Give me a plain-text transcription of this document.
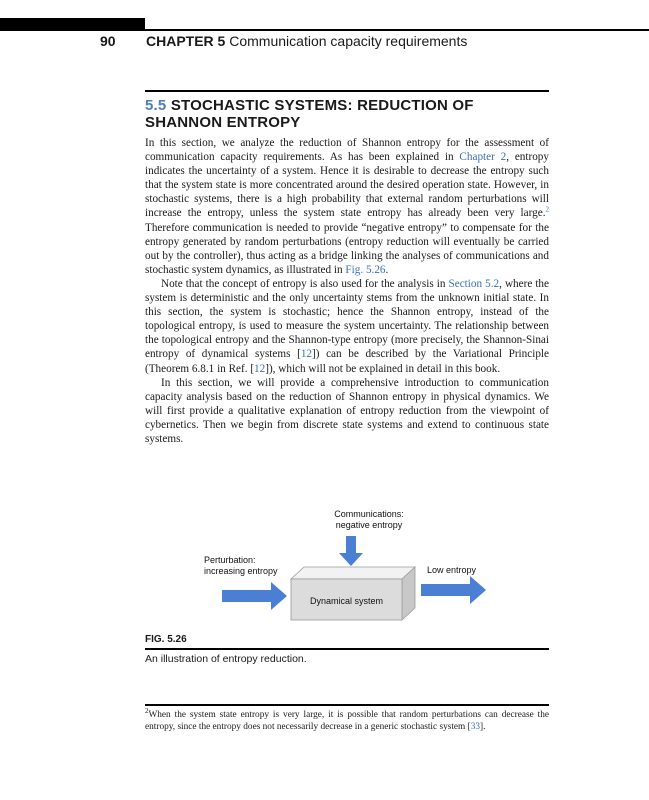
90 CHAPTER 5 Communication capacity requirements
5.5 STOCHASTIC SYSTEMS: REDUCTION OF SHANNON ENTROPY

In this section, we analyze the reduction of Shannon entropy for the assessment of communication capacity requirements. As has been explained in Chapter 2, entropy indicates the uncertainty of a system. Hence it is desirable to decrease the entropy such that the system state is more concentrated around the desired operation state. However, in stochastic systems, there is a high probability that external random perturbations will increase the entropy, unless the system state entropy has already been very large.$^2$ Therefore communication is needed to provide “negative entropy” to compensate for the entropy generated by random perturbations (entropy reduction will eventually be carried out by the controller), thus acting as a bridge linking the analyses of communications and stochastic system dynamics, as illustrated in Fig. 5.26.

Note that the concept of entropy is also used for the analysis in Section 5.2, where the system is deterministic and the only uncertainty stems from the unknown initial state. In this section, the system is stochastic; hence the Shannon entropy, instead of the topological entropy, is used to measure the system uncertainty. The relationship between the topological entropy and the Shannon-type entropy (more precisely, the Shannon-Sinai entropy of dynamical systems [12]) can be described by the Variational Principle (Theorem 6.8.1 in Ref. [12]), which will not be explained in detail in this book.

In this section, we will provide a comprehensive introduction to communication capacity analysis based on the reduction of Shannon entropy in physical dynamics. We will first provide a qualitative explanation of entropy reduction from the viewpoint of cybernetics. Then we begin from discrete state systems and extend to continuous state systems.

Communications:
negative entropy
Perturbation:
increasing entropy	Low entropy
Dynamical system
FIG. 5.26
An illustration of entropy reduction.
$^2$When the system state entropy is very large, it is possible that random perturbations can decrease the entropy, since the entropy does not necessarily decrease in a generic stochastic system [33].
